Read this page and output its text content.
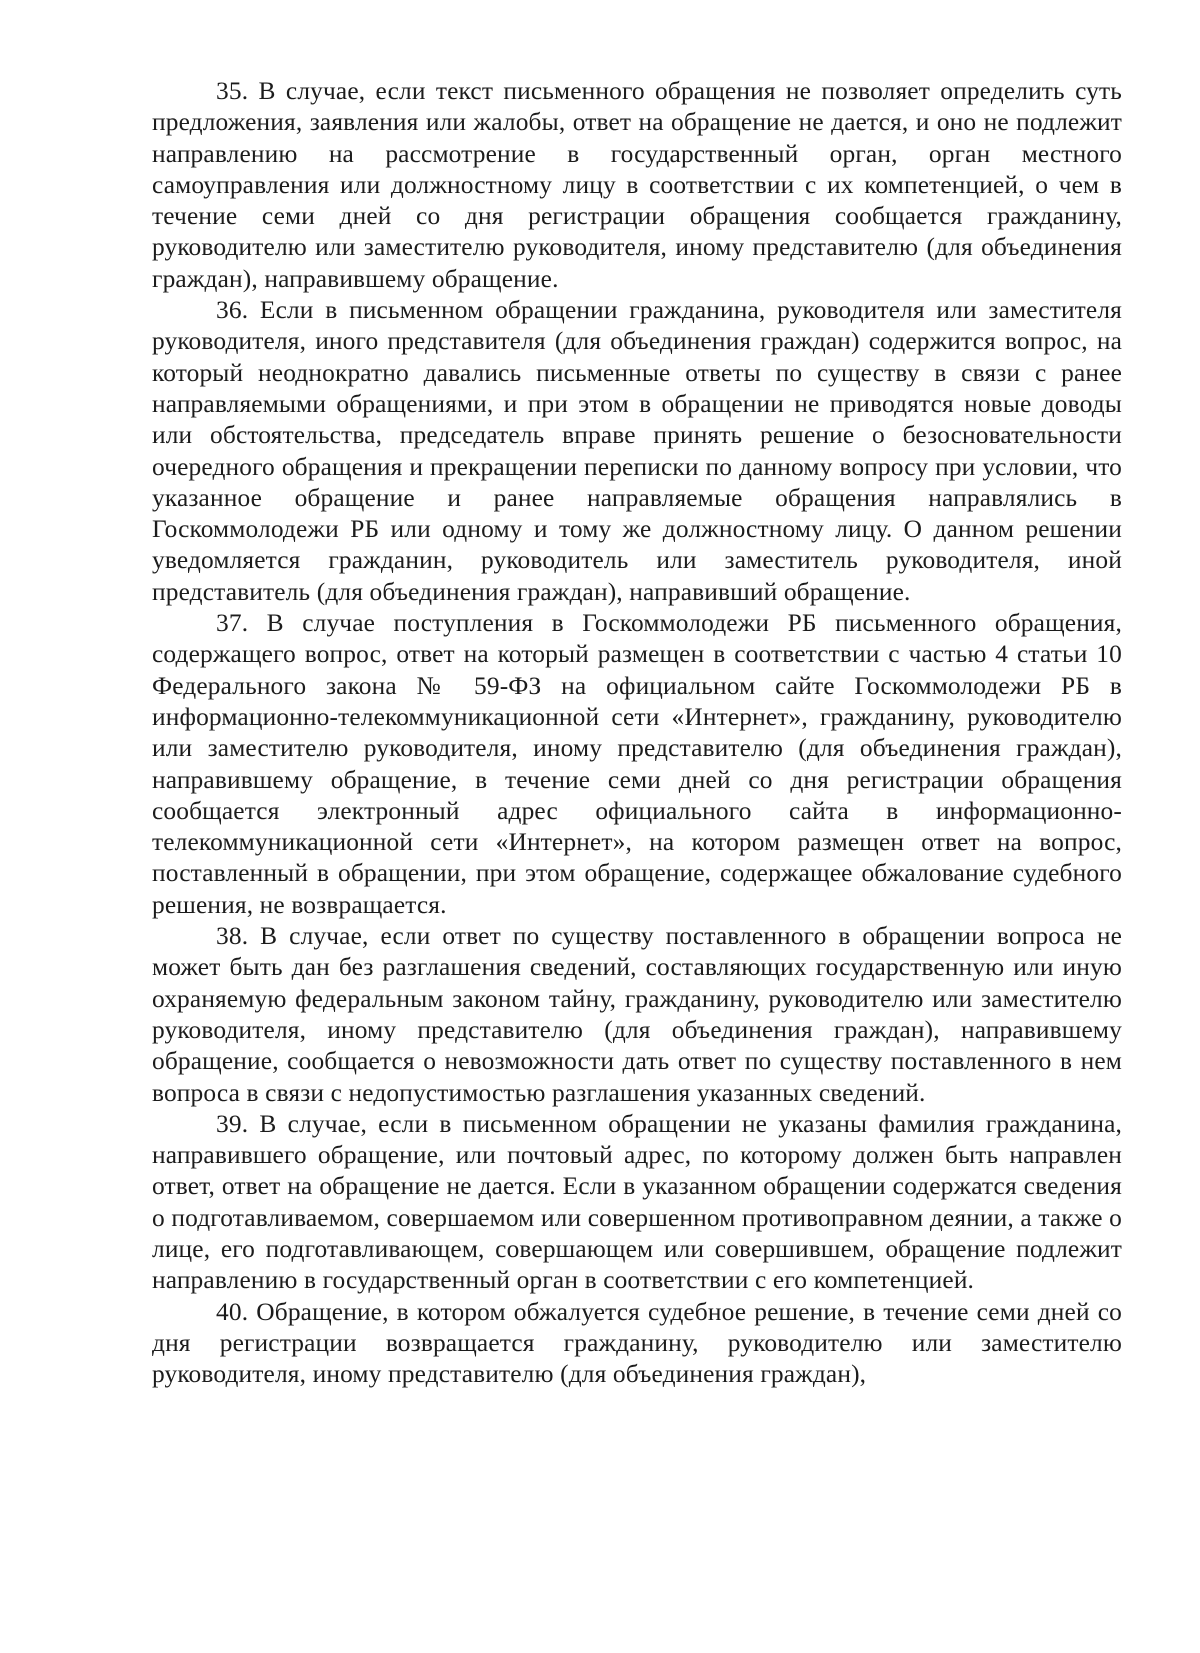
35. В случае, если текст письменного обращения не позволяет определить суть предложения, заявления или жалобы, ответ на обращение не дается, и оно не подлежит направлению на рассмотрение в государственный орган, орган местного самоуправления или должностному лицу в соответствии с их компетенцией, о чем в течение семи дней со дня регистрации обращения сообщается гражданину, руководителю или заместителю руководителя, иному представителю (для объединения граждан), направившему обращение.

36. Если в письменном обращении гражданина, руководителя или заместителя руководителя, иного представителя (для объединения граждан) содержится вопрос, на который неоднократно давались письменные ответы по существу в связи с ранее направляемыми обращениями, и при этом в обращении не приводятся новые доводы или обстоятельства, председатель вправе принять решение о безосновательности очередного обращения и прекращении переписки по данному вопросу при условии, что указанное обращение и ранее направляемые обращения направлялись в Госкоммолодежи РБ или одному и тому же должностному лицу. О данном решении уведомляется гражданин, руководитель или заместитель руководителя, иной представитель (для объединения граждан), направивший обращение.

37. В случае поступления в Госкоммолодежи РБ письменного обращения, содержащего вопрос, ответ на который размещен в соответствии с частью 4 статьи 10 Федерального закона № 59-ФЗ на официальном сайте Госкоммолодежи РБ в информационно-телекоммуникационной сети «Интернет», гражданину, руководителю или заместителю руководителя, иному представителю (для объединения граждан), направившему обращение, в течение семи дней со дня регистрации обращения сообщается электронный адрес официального сайта в информационно-телекоммуникационной сети «Интернет», на котором размещен ответ на вопрос, поставленный в обращении, при этом обращение, содержащее обжалование судебного решения, не возвращается.

38. В случае, если ответ по существу поставленного в обращении вопроса не может быть дан без разглашения сведений, составляющих государственную или иную охраняемую федеральным законом тайну, гражданину, руководителю или заместителю руководителя, иному представителю (для объединения граждан), направившему обращение, сообщается о невозможности дать ответ по существу поставленного в нем вопроса в связи с недопустимостью разглашения указанных сведений.

39. В случае, если в письменном обращении не указаны фамилия гражданина, направившего обращение, или почтовый адрес, по которому должен быть направлен ответ, ответ на обращение не дается. Если в указанном обращении содержатся сведения о подготавливаемом, совершаемом или совершенном противоправном деянии, а также о лице, его подготавливающем, совершающем или совершившем, обращение подлежит направлению в государственный орган в соответствии с его компетенцией.

40. Обращение, в котором обжалуется судебное решение, в течение семи дней со дня регистрации возвращается гражданину, руководителю или заместителю руководителя, иному представителю (для объединения граждан),
